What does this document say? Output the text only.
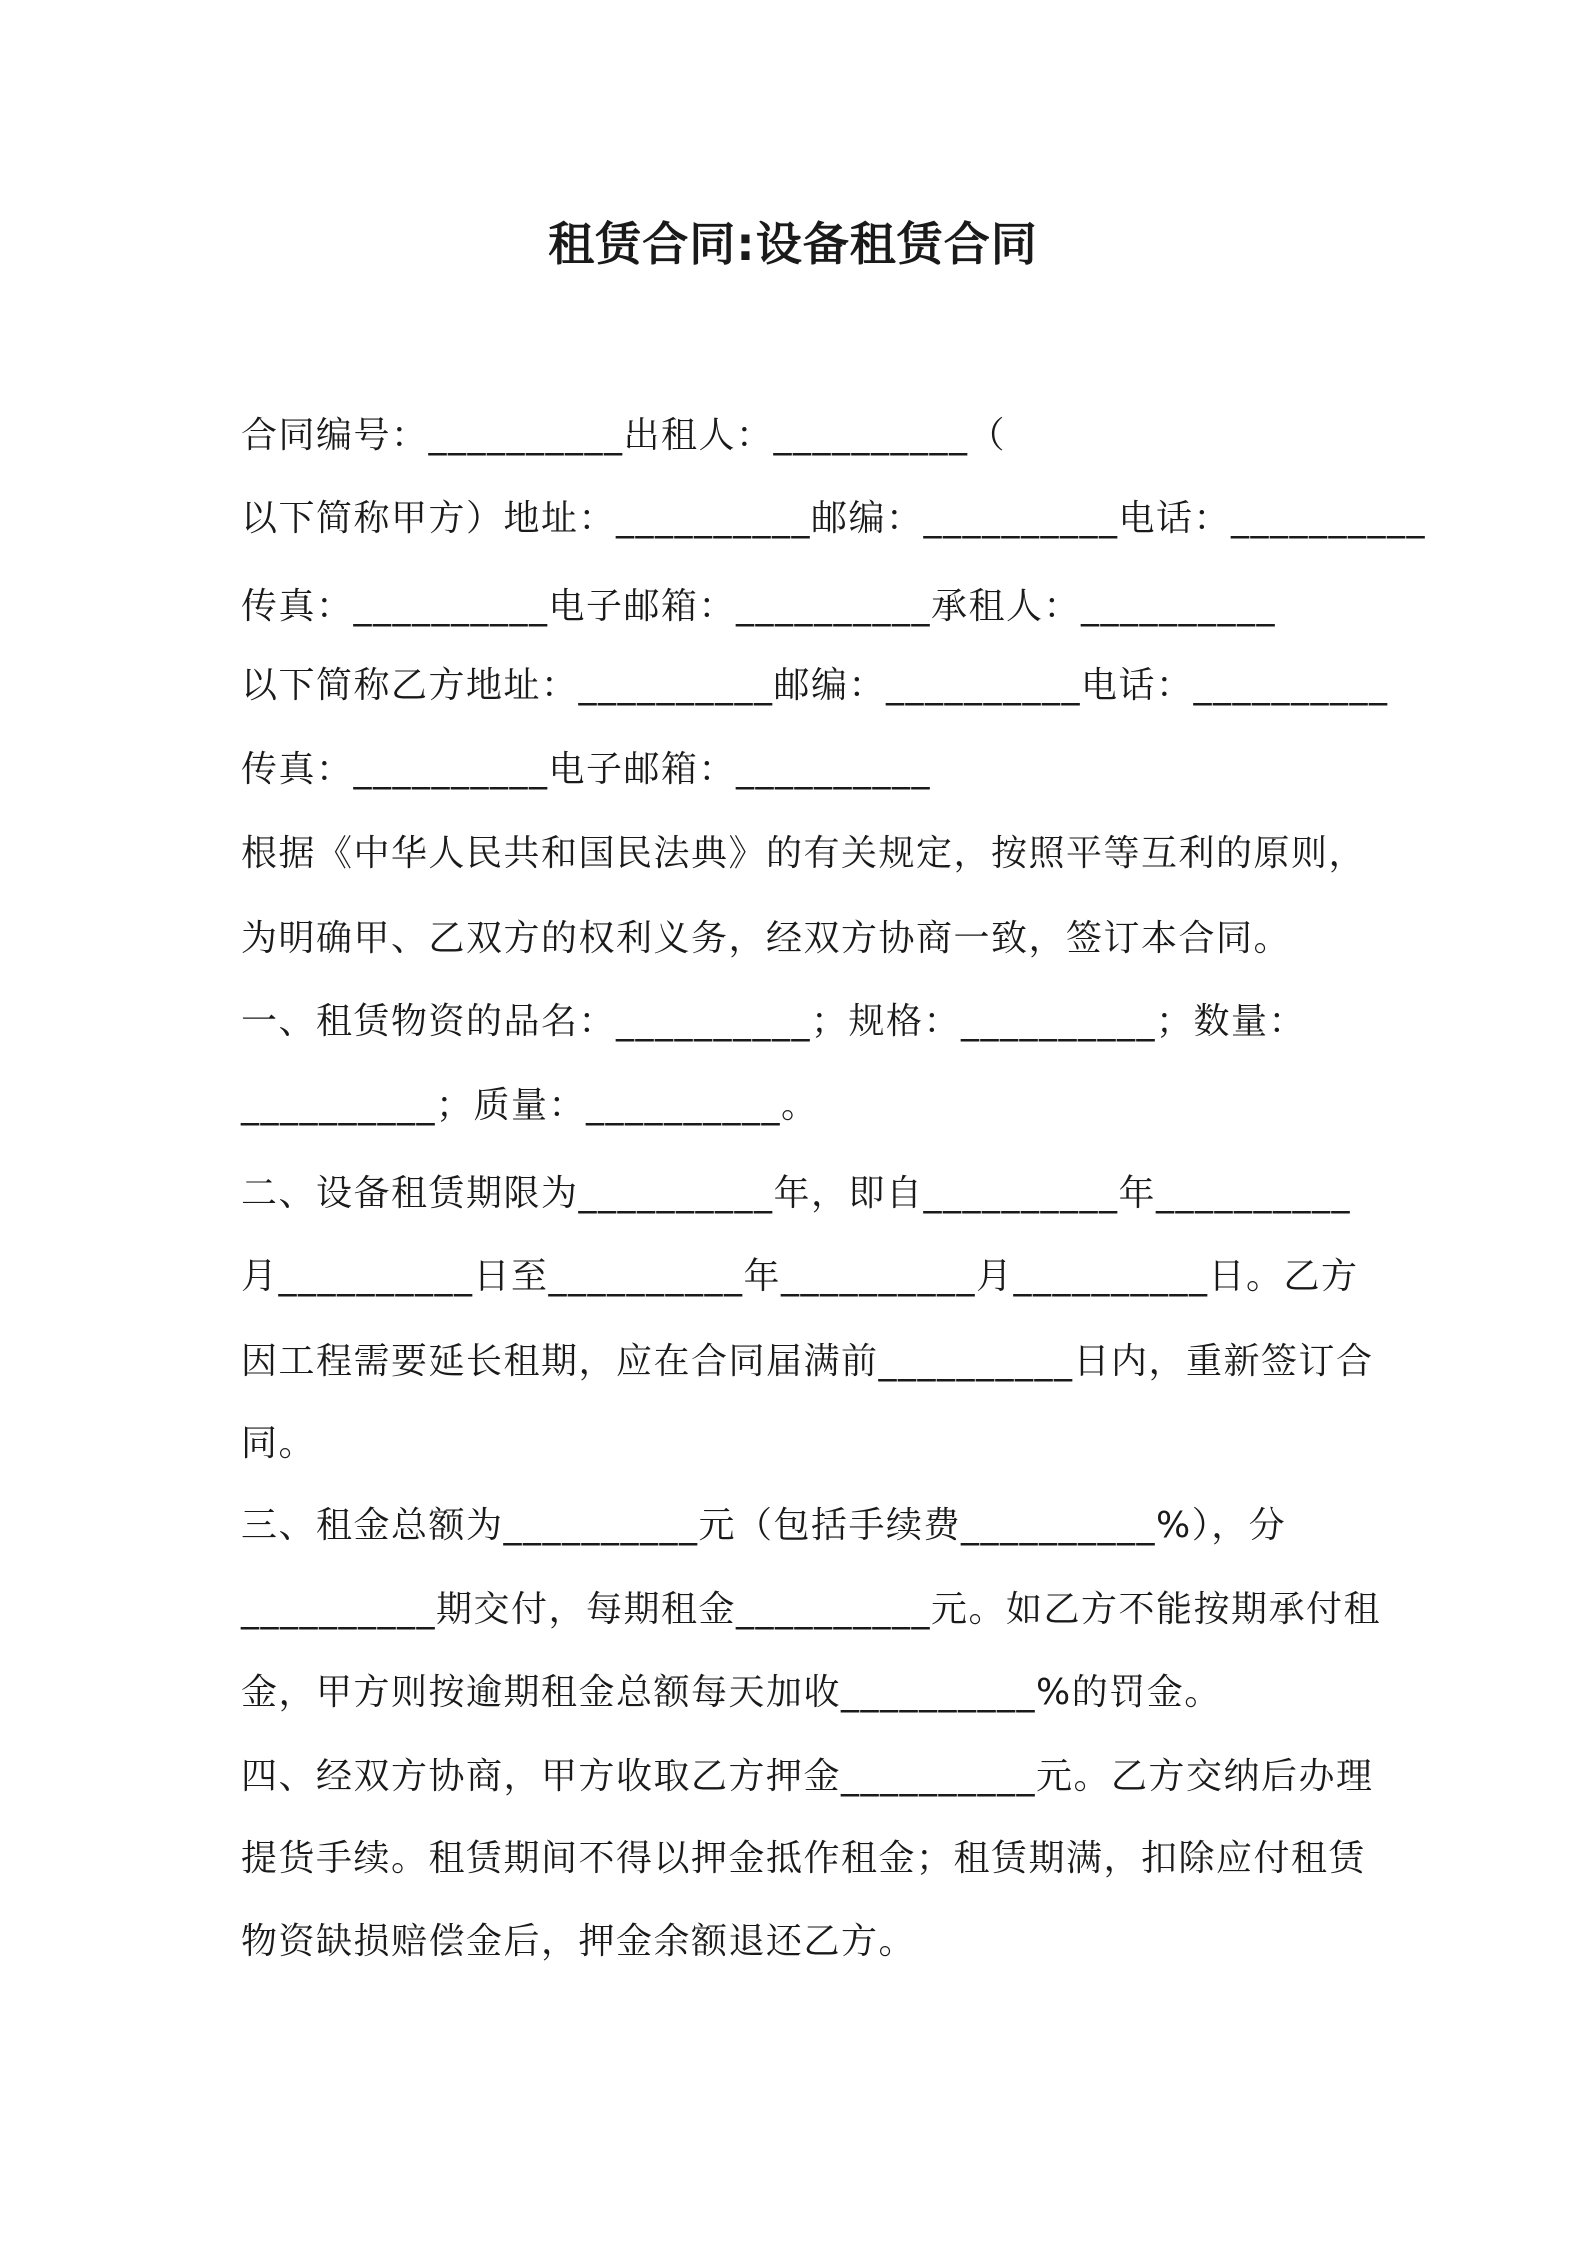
租赁合同:设备租赁合同
合同编号：__________出租人：__________（
以下简称甲方）地址：__________邮编：__________电话：__________
传真：__________电子邮箱：__________承租人：__________
以下简称乙方地址：__________邮编：__________电话：__________
传真：__________电子邮箱：__________
根据《中华人民共和国民法典》的有关规定，按照平等互利的原则，
为明确甲、乙双方的权利义务，经双方协商一致，签订本合同。
一、租赁物资的品名：__________；规格：__________；数量：
__________；质量：__________。
二、设备租赁期限为__________年，即自__________年__________
月__________日至__________年__________月__________日。乙方
因工程需要延长租期，应在合同届满前__________日内，重新签订合
同。
三、租金总额为__________元（包括手续费__________%），分
__________期交付，每期租金__________元。如乙方不能按期承付租
金，甲方则按逾期租金总额每天加收__________%的罚金。
四、经双方协商，甲方收取乙方押金__________元。乙方交纳后办理
提货手续。租赁期间不得以押金抵作租金；租赁期满，扣除应付租赁
物资缺损赔偿金后，押金余额退还乙方。
